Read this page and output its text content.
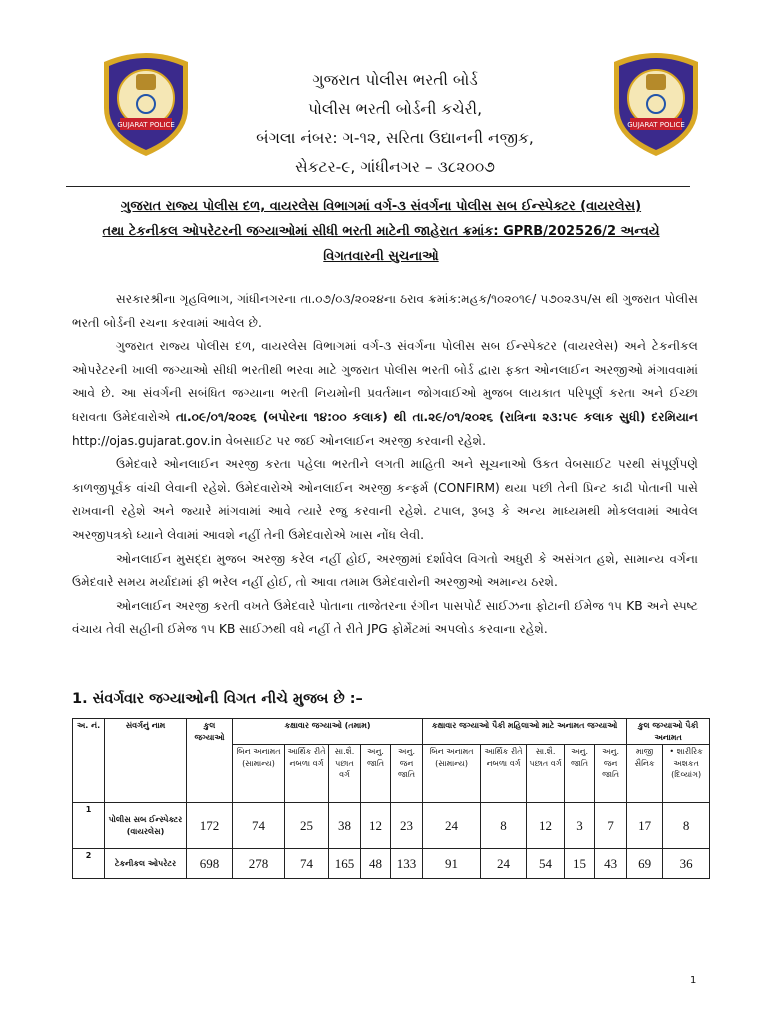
GUJARAT POLICE	GUJARAT POLICE
ગુજરાત પોલીસ ભરતી બોર્ડ
પોલીસ ભરતી બોર્ડની કચેરી,
બંગલા નંબર: ગ-૧૨, સરિતા ઉદ્યાનની નજીક,
સેકટર-૯, ગાંધીનગર – ૩૮૨૦૦૭
ગુજરાત રાજ્ય પોલીસ દળ, વાયરલેસ વિભાગમાં વર્ગ-૩ સંવર્ગના પોલીસ સબ ઈન્સ્પેક્ટર (વાયરલેસ)
તથા ટેકનીકલ ઓપરેટરની જગ્યાઓમાં સીધી ભરતી માટેની જાહેરાત ક્રમાંક: GPRB/202526/2 અન્વયે
વિગતવારની સુચનાઓ

સરકારશ્રીના ગૃહવિભાગ, ગાંધીનગરના તા.૦૭/૦૩/૨૦૨૪ના ઠરાવ ક્રમાંક:મહક/૧૦૨૦૧૯/ ૫૭૦૨૩૫/સ થી ગુજરાત પોલીસ ભરતી બોર્ડની રચના કરવામાં આવેલ છે.

ગુજરાત રાજ્ય પોલીસ દળ, વાયરલેસ વિભાગમાં વર્ગ-૩ સંવર્ગના પોલીસ સબ ઈન્સ્પેક્ટર (વાયરલેસ) અને ટેકનીકલ ઓપરેટરની ખાલી જગ્યાઓ સીધી ભરતીથી ભરવા માટે ગુજરાત પોલીસ ભરતી બોર્ડ દ્વારા ફક્ત ઓનલાઈન અરજીઓ મંગાવવામાં આવે છે. આ સંવર્ગની સબંધિત જગ્યાના ભરતી નિયમોની પ્રવર્તમાન જોગવાઈઓ મુજબ લાયકાત પરિપૂર્ણ કરતા અને ઈચ્છા ધરાવતા ઉમેદવારોએ તા.૦૯/૦૧/૨૦૨૬ (બપોરના ૧૪:૦૦ કલાક) થી તા.૨૯/૦૧/૨૦૨૬ (રાત્રિના ૨૩:૫૯ કલાક સુધી) દરમિયાન http://ojas.gujarat.gov.in વેબસાઈટ પર જઈ ઓનલાઈન અરજી કરવાની રહેશે.

ઉમેદવારે ઓનલાઈન અરજી કરતા પહેલા ભરતીને લગતી માહિતી અને સૂચનાઓ ઉકત વેબસાઈટ પરથી સંપૂર્ણપણે કાળજીપૂર્વક વાંચી લેવાની રહેશે. ઉમેદવારોએ ઓનલાઈન અરજી કન્ફર્મ (CONFIRM) થયા પછી તેની પ્રિન્ટ કાઢી પોતાની પાસે રાખવાની રહેશે અને જ્યારે માંગવામાં આવે ત્યારે રજુ કરવાની રહેશે. ટપાલ, રૂબરૂ કે અન્ય માધ્યમથી મોકલવામાં આવેલ અરજીપત્રકો ધ્યાને લેવામાં આવશે નહીં તેની ઉમેદવારોએ ખાસ નોંધ લેવી.

ઓનલાઈન મુસદ્દા મુજબ અરજી કરેલ નહીં હોઈ, અરજીમાં દર્શાવેલ વિગતો અધુરી કે અસંગત હશે, સામાન્ય વર્ગના ઉમેદવારે સમય મર્યાદામાં ફી ભરેલ નહીં હોઈ, તો આવા તમામ ઉમેદવારોની અરજીઓ અમાન્ય ઠરશે.

ઓનલાઈન અરજી કરતી વખતે ઉમેદવારે પોતાના તાજેતરના રંગીન પાસપોર્ટ સાઈઝના ફોટાની ઈમેજ ૧૫ KB અને સ્પષ્ટ વંચાય તેવી સહીની ઈમેજ ૧૫ KB સાઈઝથી વધે નહીં તે રીતે JPG ફોર્મેટમાં અપલોડ કરવાના રહેશે.

1. સંવર્ગવાર જગ્યાઓની વિગત નીચે મુજબ છે :–
અ. નં.	સંવર્ગનું નામ	કુલ જગ્યાઓ	કક્ષાવાર જગ્યાઓ (તમામ)					કક્ષાવાર જગ્યાઓ પૈકી મહિલાઓ માટે અનામત જગ્યાઓ					કુલ જગ્યાઓ પૈકી અનામત	
			બિન અનામત (સામાન્ય)	આર્થિક રીતે નબળા વર્ગ	સા.શૈ. પછાત વર્ગ	અનુ. જાતિ	અનુ. જન જાતિ	બિન અનામત (સામાન્ય)	આર્થિક રીતે નબળા વર્ગ	સા.શૈ. પછાત વર્ગ	અનુ. જાતિ	અનુ. જન જાતિ	માજી સૈનિક	• શારીરિક અશકત (દિવ્યાંગ)
1	પોલીસ સબ ઈન્સ્પેક્ટર (વાયરલેસ)	172	74	25	38	12	23	24	8	12	3	7	17	8
2	ટેકનીકલ ઓપરેટર	698	278	74	165	48	133	91	24	54	15	43	69	36
1
